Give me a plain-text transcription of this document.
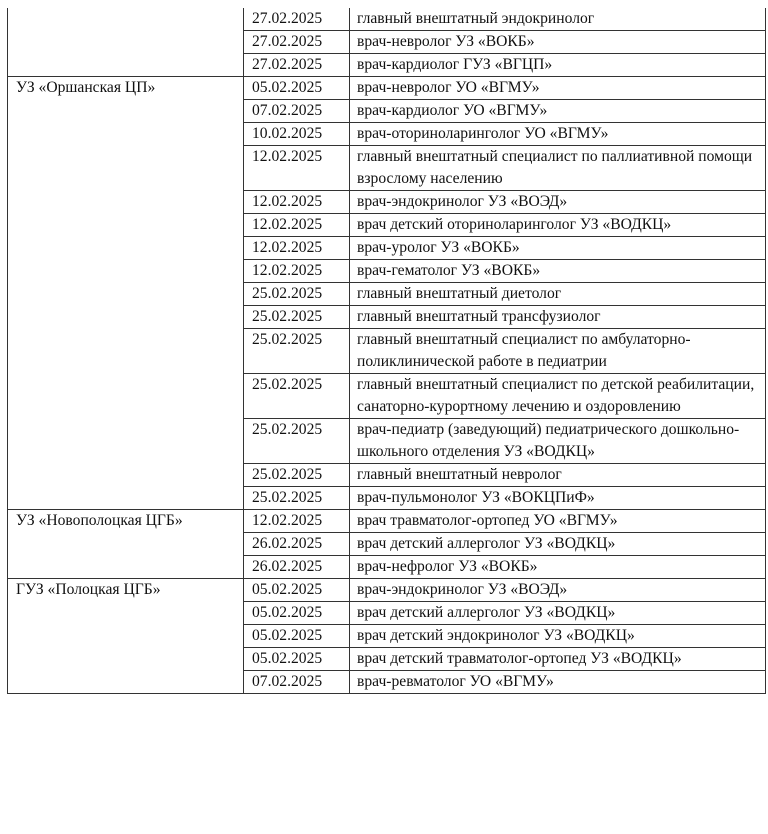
	27.02.2025	главный внештатный эндокринолог
	27.02.2025	врач-невролог УЗ «ВОКБ»
	27.02.2025	врач-кардиолог ГУЗ «ВГЦП»
УЗ «Оршанская ЦП»	05.02.2025	врач-невролог УО «ВГМУ»
	07.02.2025	врач-кардиолог УО «ВГМУ»
	10.02.2025	врач-оториноларинголог УО «ВГМУ»
	12.02.2025	главный внештатный специалист по паллиативной помощи взрослому населению
	12.02.2025	врач-эндокринолог УЗ «ВОЭД»
	12.02.2025	врач детский оториноларинголог УЗ «ВОДКЦ»
	12.02.2025	врач-уролог УЗ «ВОКБ»
	12.02.2025	врач-гематолог УЗ «ВОКБ»
	25.02.2025	главный внештатный диетолог
	25.02.2025	главный внештатный трансфузиолог
	25.02.2025	главный внештатный специалист по амбулаторно-поликлинической работе в педиатрии
	25.02.2025	главный внештатный специалист по детской реабилитации, санаторно-курортному лечению и оздоровлению
	25.02.2025	врач-педиатр (заведующий) педиатрического дошкольно-школьного отделения УЗ «ВОДКЦ»
	25.02.2025	главный внештатный невролог
	25.02.2025	врач-пульмонолог УЗ «ВОКЦПиФ»
УЗ «Новополоцкая ЦГБ»	12.02.2025	врач травматолог-ортопед УО «ВГМУ»
	26.02.2025	врач детский аллерголог УЗ «ВОДКЦ»
	26.02.2025	врач-нефролог УЗ «ВОКБ»
ГУЗ «Полоцкая ЦГБ»	05.02.2025	врач-эндокринолог УЗ «ВОЭД»
	05.02.2025	врач детский аллерголог УЗ «ВОДКЦ»
	05.02.2025	врач детский эндокринолог УЗ «ВОДКЦ»
	05.02.2025	врач детский травматолог-ортопед УЗ «ВОДКЦ»
	07.02.2025	врач-ревматолог УО «ВГМУ»
